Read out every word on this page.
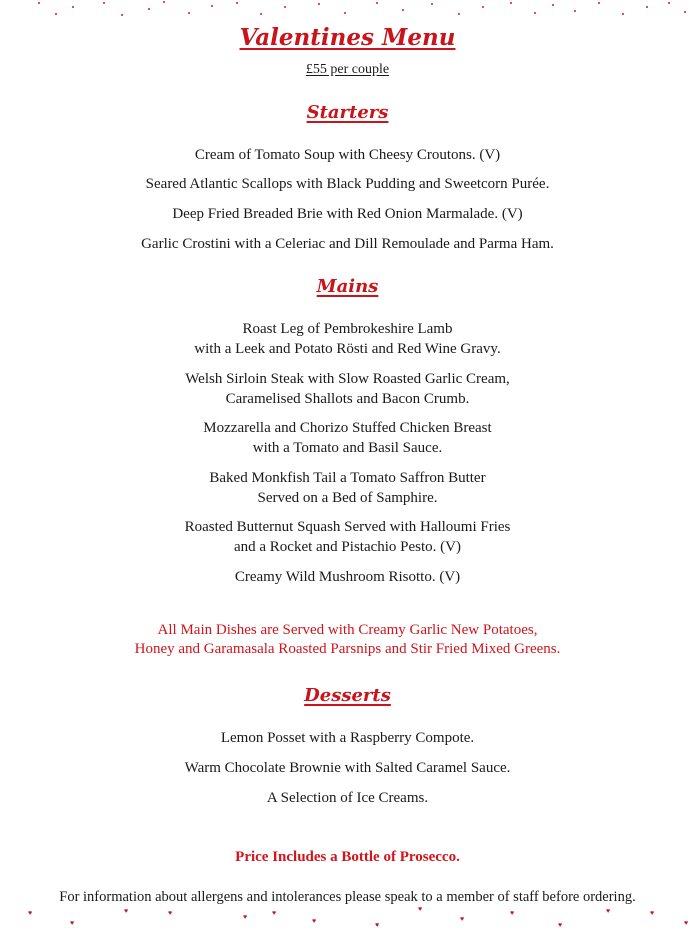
♥
♥
♥	♥	♥	♥
♥	♥
♥
♥
♥
♥
♥	♥
♥
Valentines Menu
£55 per couple
Starters
Cream of Tomato Soup with Cheesy Croutons. (V)
Seared Atlantic Scallops with Black Pudding and Sweetcorn Purée.
Deep Fried Breaded Brie with Red Onion Marmalade. (V)
Garlic Crostini with a Celeriac and Dill Remoulade and Parma Ham.
Mains
Roast Leg of Pembrokeshire Lamb
with a Leek and Potato Rösti and Red Wine Gravy.
Welsh Sirloin Steak with Slow Roasted Garlic Cream,
Caramelised Shallots and Bacon Crumb.
Mozzarella and Chorizo Stuffed Chicken Breast
with a Tomato and Basil Sauce.
Baked Monkfish Tail a Tomato Saffron Butter
Served on a Bed of Samphire.
Roasted Butternut Squash Served with Halloumi Fries
and a Rocket and Pistachio Pesto. (V)
Creamy Wild Mushroom Risotto. (V)
All Main Dishes are Served with Creamy Garlic New Potatoes,
Honey and Garamasala Roasted Parsnips and Stir Fried Mixed Greens.
Desserts
Lemon Posset with a Raspberry Compote.
Warm Chocolate Brownie with Salted Caramel Sauce.
A Selection of Ice Creams.
Price Includes a Bottle of Prosecco.
For information about allergens and intolerances please speak to a member of staff before ordering.
